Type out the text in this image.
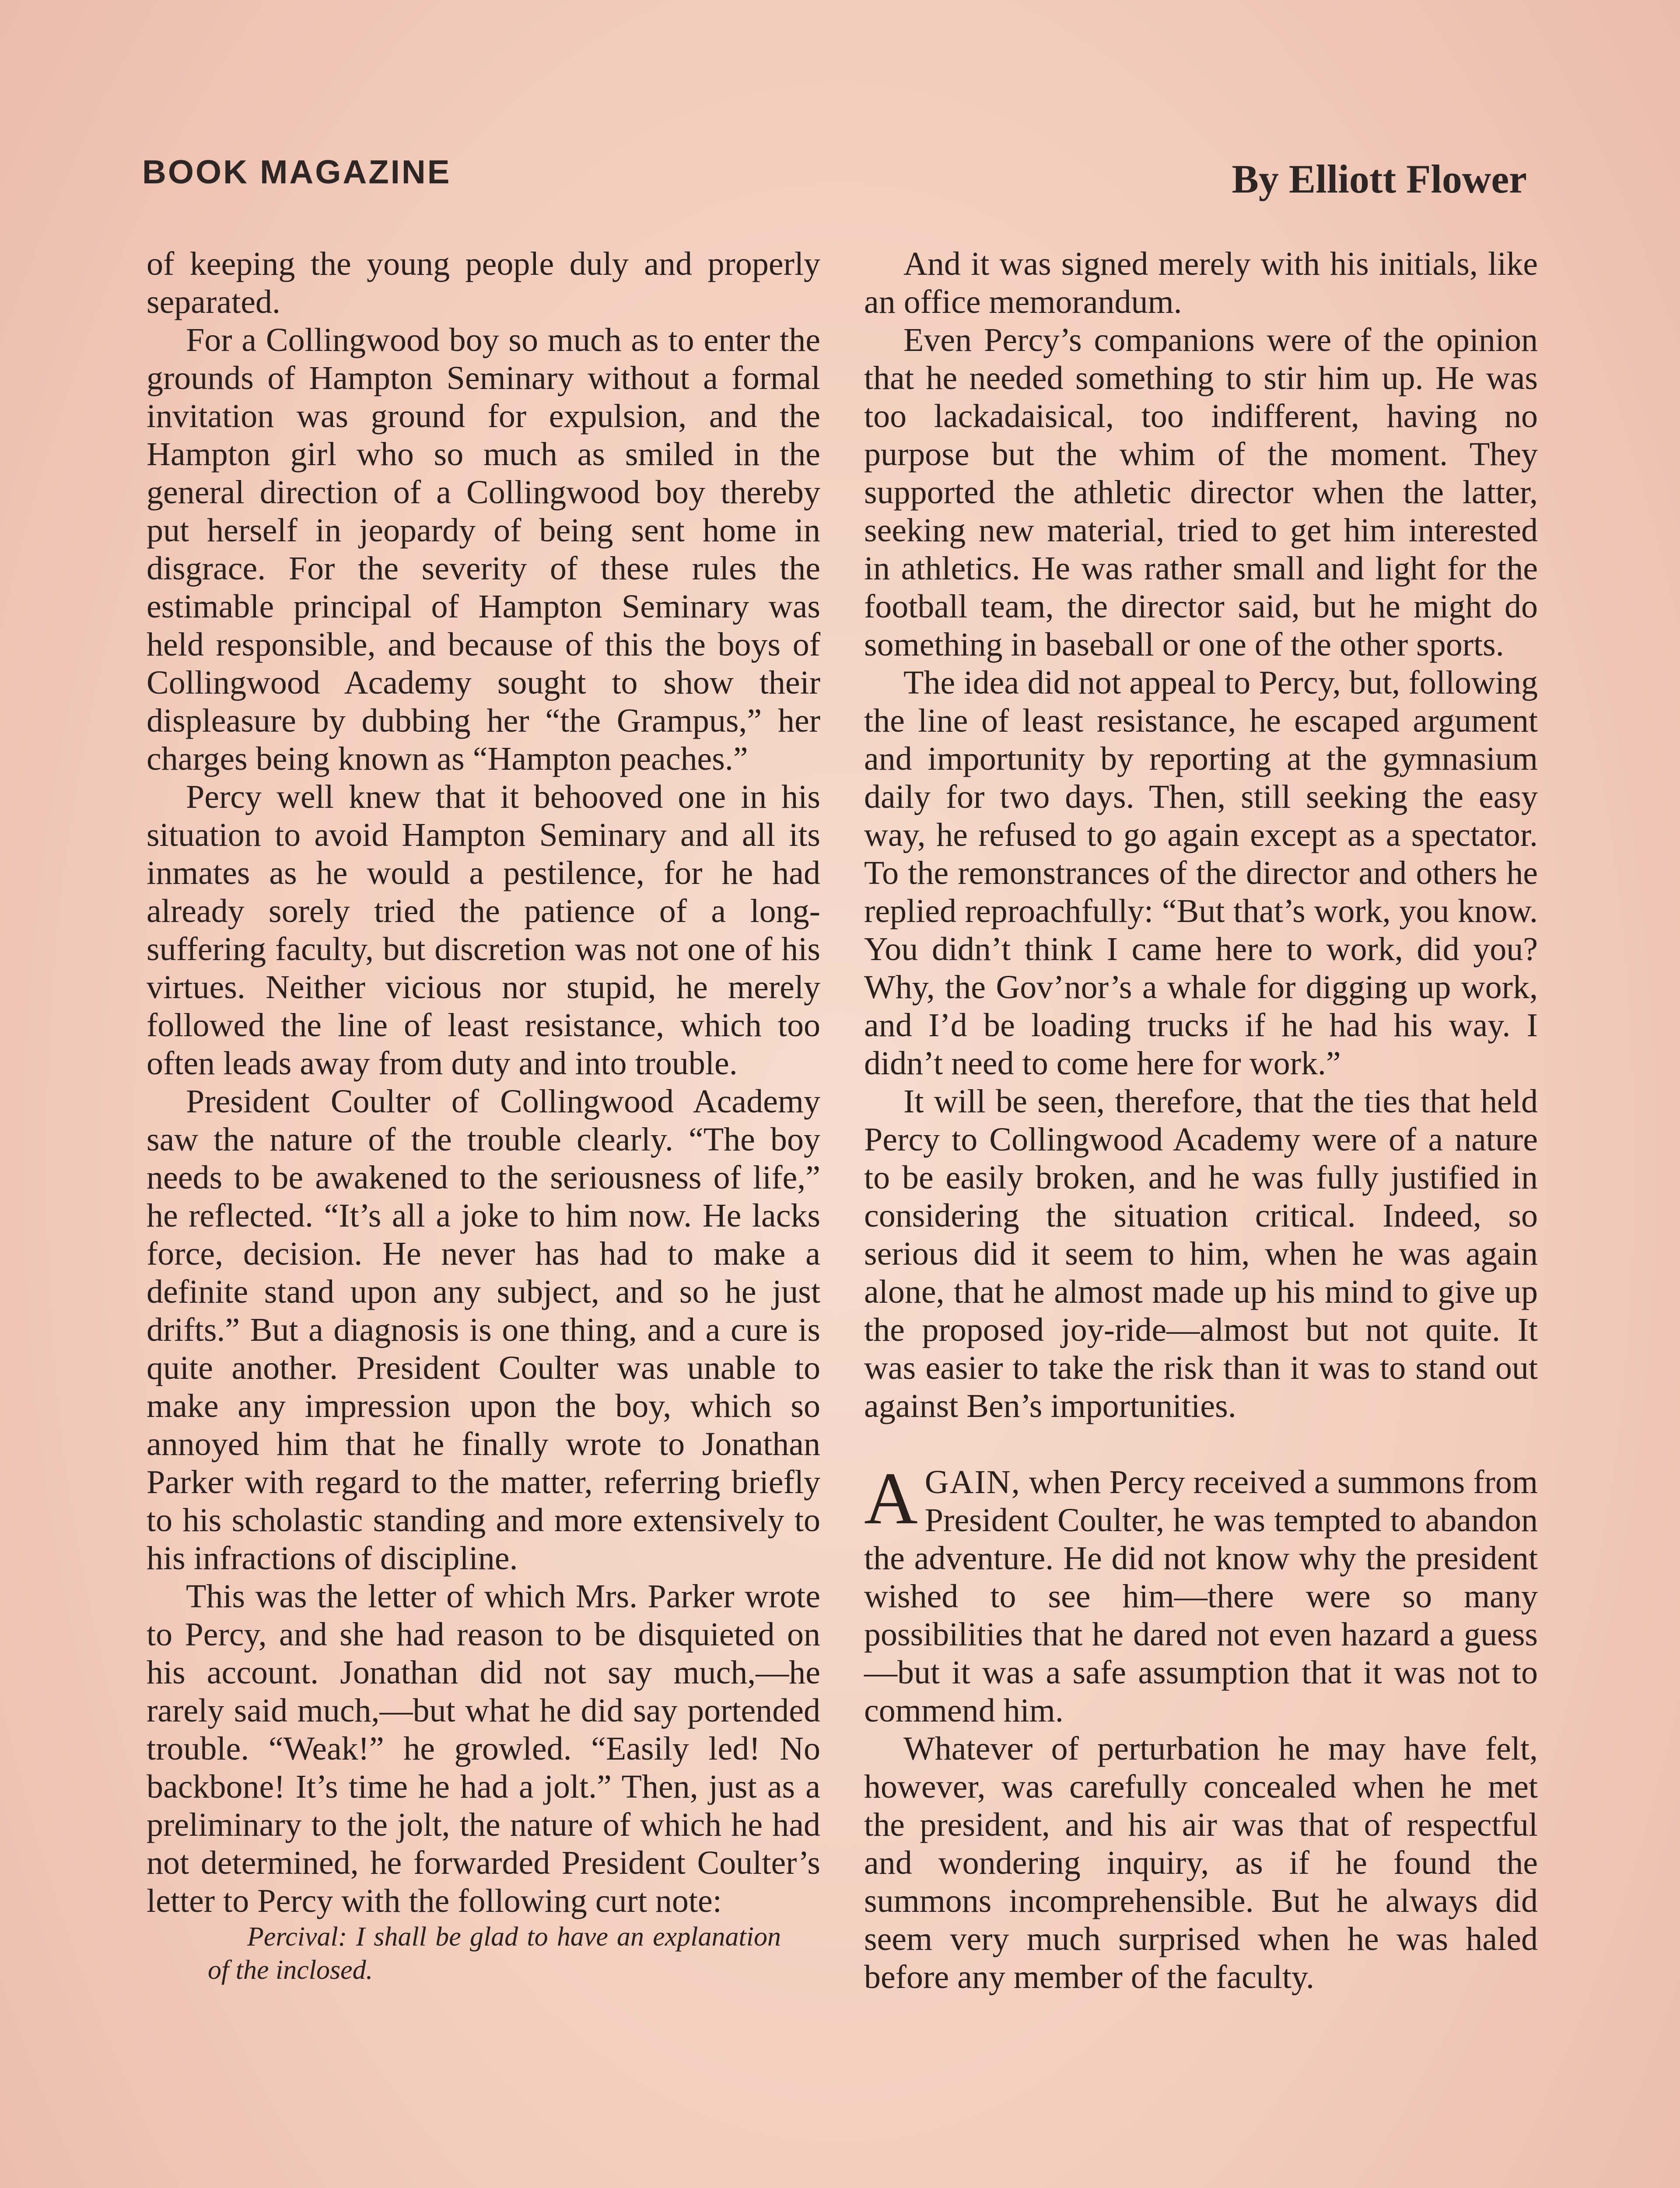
BOOK MAGAZINE	By Elliott Flower

of keeping the young people duly and properly separated.

For a Collingwood boy so much as to enter the grounds of Hampton Seminary without a formal invitation was ground for expulsion, and the Hampton girl who so much as smiled in the general direction of a Collingwood boy thereby put herself in jeopardy of being sent home in disgrace. For the severity of these rules the estimable principal of Hampton Seminary was held responsible, and because of this the boys of Collingwood Academy sought to show their displeasure by dubbing her “the Grampus,” her charges being known as “Hampton peaches.”

Percy well knew that it behooved one in his situation to avoid Hampton Seminary and all its inmates as he would a pestilence, for he had already sorely tried the patience of a long-suffering faculty, but discretion was not one of his virtues. Neither vicious nor stupid, he merely followed the line of least resistance, which too often leads away from duty and into trouble.

President Coulter of Collingwood Academy saw the nature of the trouble clearly. “The boy needs to be awakened to the seriousness of life,” he reflected. “It’s all a joke to him now. He lacks force, decision. He never has had to make a definite stand upon any subject, and so he just drifts.” But a diagnosis is one thing, and a cure is quite another. President Coulter was unable to make any impression upon the boy, which so annoyed him that he finally wrote to Jonathan Parker with regard to the matter, referring briefly to his scholastic standing and more extensively to his infractions of discipline.

This was the letter of which Mrs. Parker wrote to Percy, and she had reason to be disquieted on his account. Jonathan did not say much,—he rarely said much,—but what he did say portended trouble. “Weak!” he growled. “Easily led! No backbone! It’s time he had a jolt.” Then, just as a preliminary to the jolt, the nature of which he had not determined, he forwarded President Coulter’s letter to Percy with the following curt note:

Percival: I shall be glad to have an explanation of the inclosed.

And it was signed merely with his initials, like an office memorandum.

Even Percy’s companions were of the opinion that he needed something to stir him up. He was too lackadaisical, too indifferent, having no purpose but the whim of the moment. They supported the athletic director when the latter, seeking new material, tried to get him interested in athletics. He was rather small and light for the football team, the director said, but he might do something in baseball or one of the other sports.

The idea did not appeal to Percy, but, following the line of least resistance, he escaped argument and importunity by reporting at the gymnasium daily for two days. Then, still seeking the easy way, he refused to go again except as a spectator. To the remonstrances of the director and others he replied reproachfully: “But that’s work, you know. You didn’t think I came here to work, did you? Why, the Gov’nor’s a whale for digging up work, and I’d be loading trucks if he had his way. I didn’t need to come here for work.”

It will be seen, therefore, that the ties that held Percy to Collingwood Academy were of a nature to be easily broken, and he was fully justified in considering the situation critical. Indeed, so serious did it seem to him, when he was again alone, that he almost made up his mind to give up the proposed joy-ride—almost but not quite. It was easier to take the risk than it was to stand out against Ben’s importunities.

AGAIN, when Percy received a summons from President Coulter, he was tempted to abandon the adventure. He did not know why the president wished to see him—there were so many possibilities that he dared not even hazard a guess—but it was a safe assumption that it was not to commend him.

Whatever of perturbation he may have felt, however, was carefully concealed when he met the president, and his air was that of respectful and wondering inquiry, as if he found the summons incomprehensible. But he always did seem very much surprised when he was haled before any member of the faculty.
